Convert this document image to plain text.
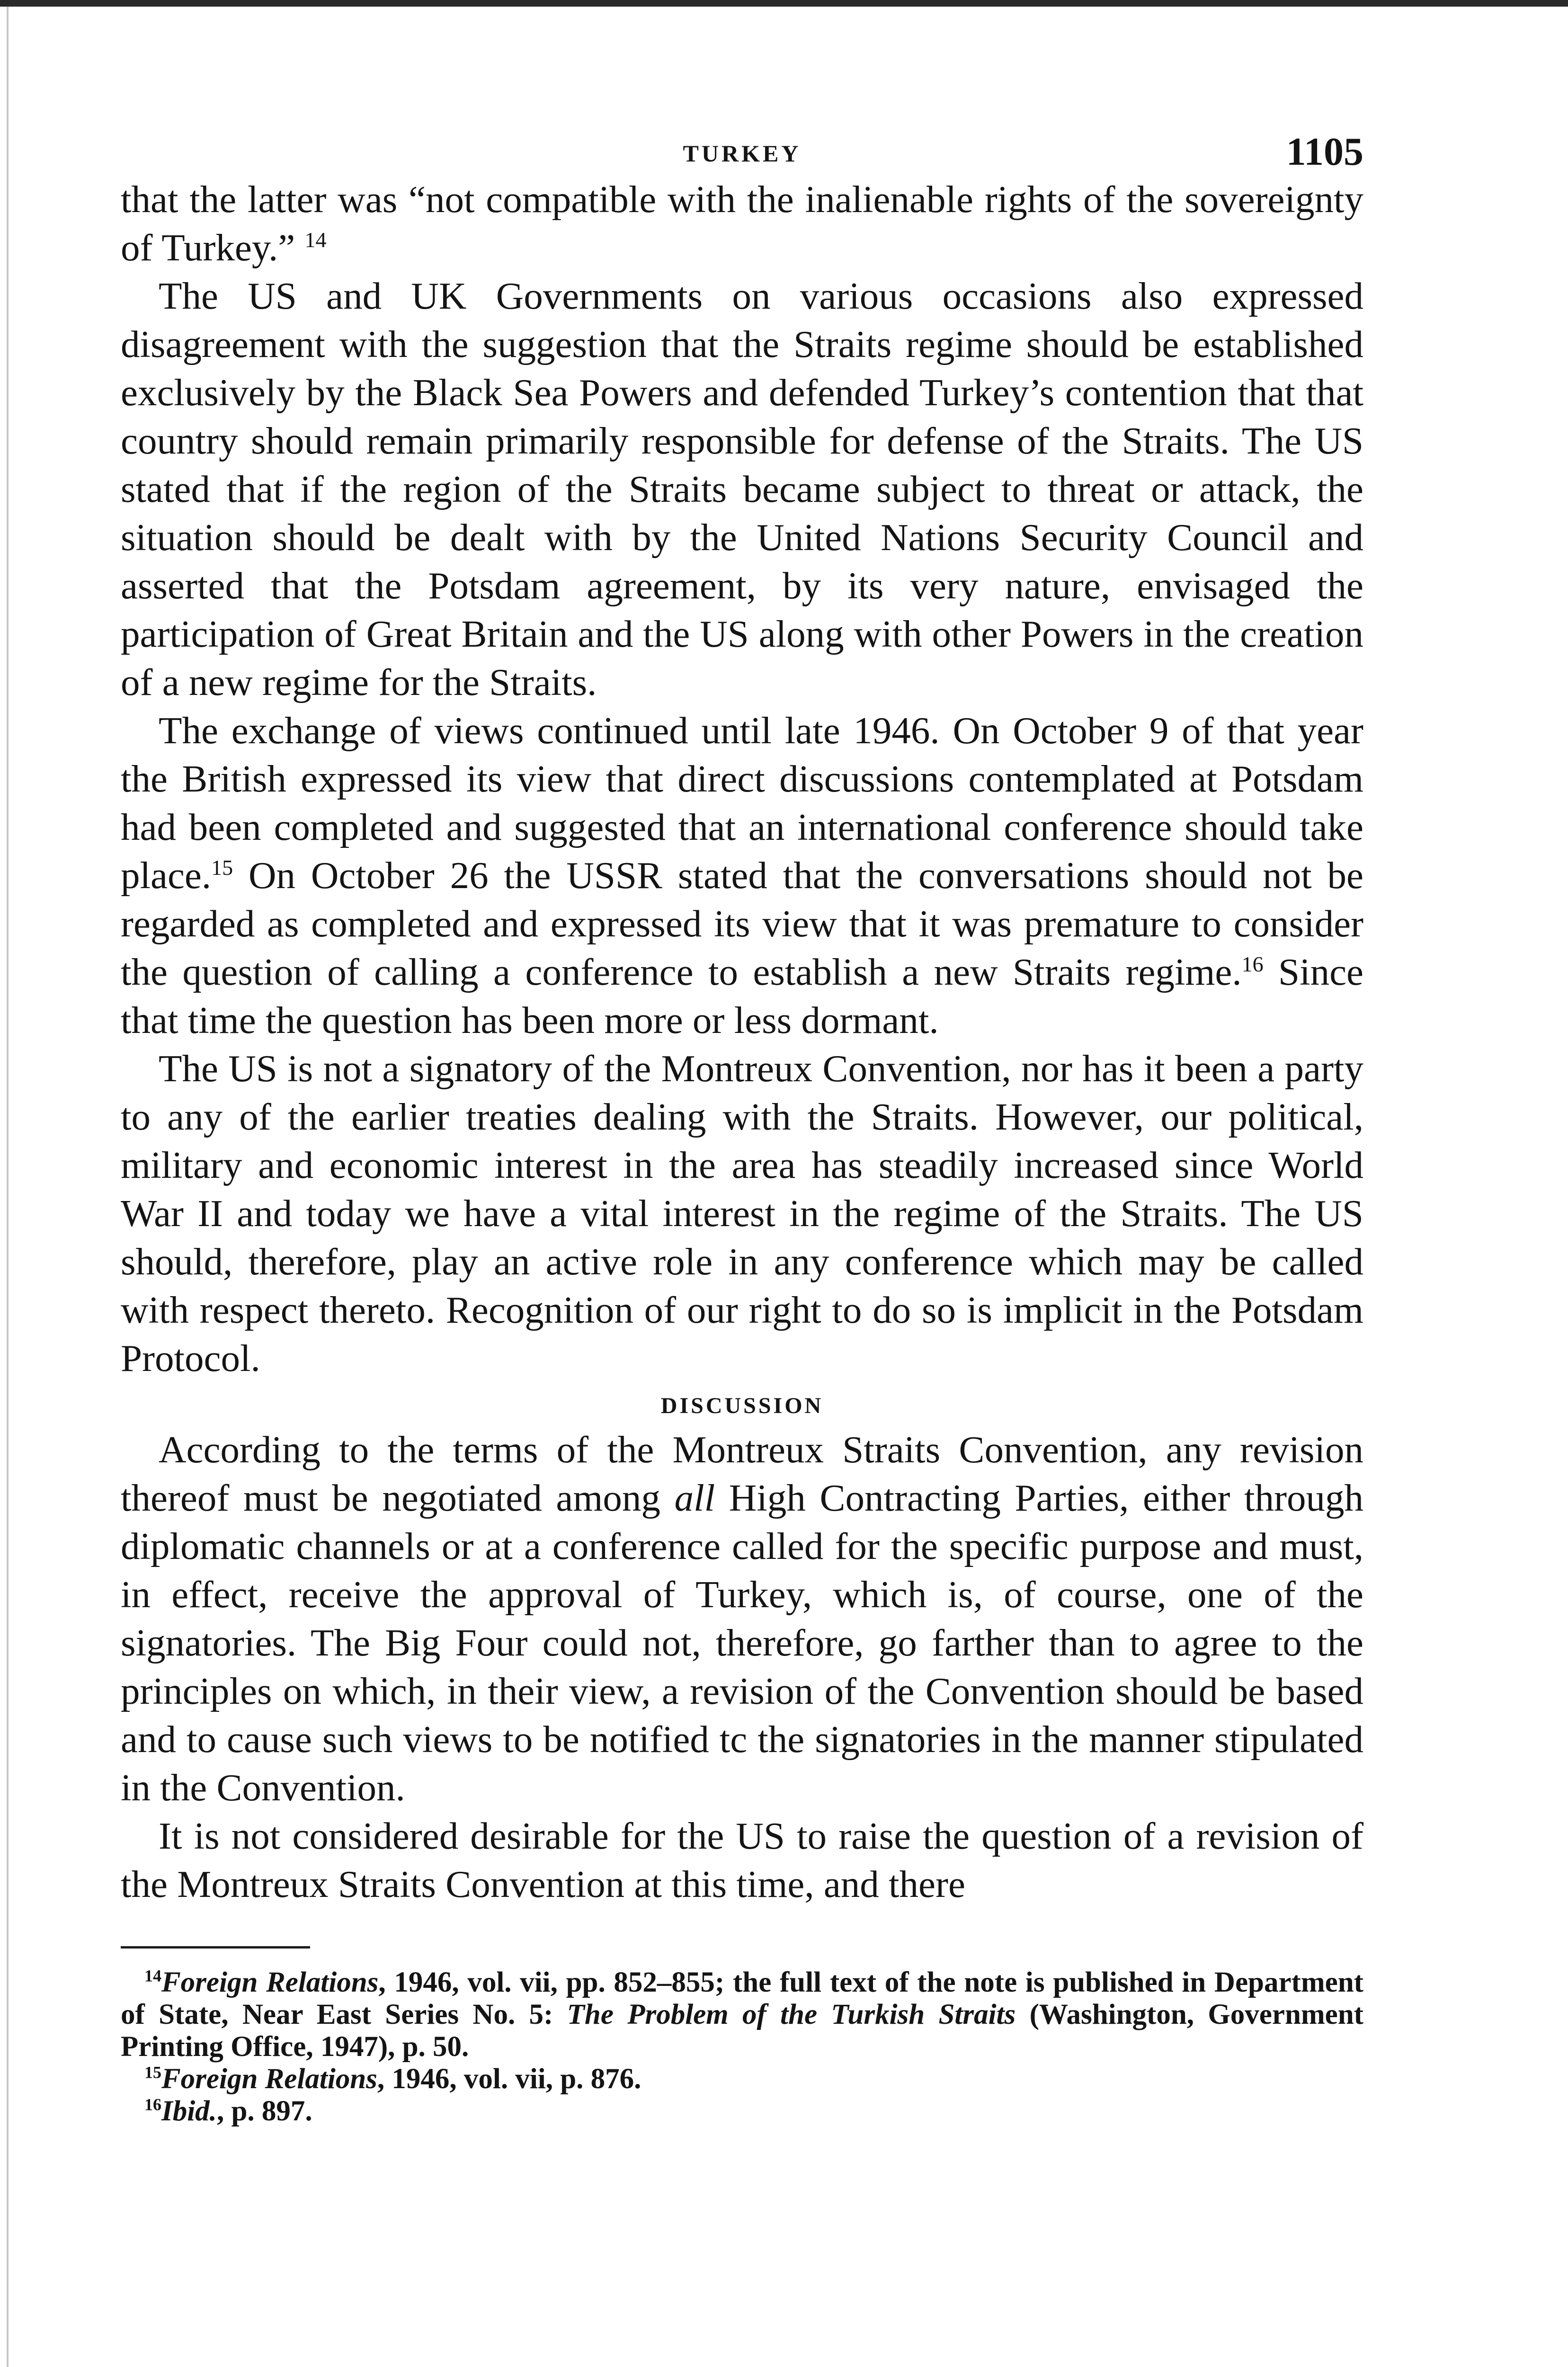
TURKEY	1105

that the latter was “not compatible with the inalienable rights of the sovereignty of Turkey.” $^{14}$

The US and UK Governments on various occasions also expressed disagreement with the suggestion that the Straits regime should be established exclusively by the Black Sea Powers and defended Turkey’s contention that that country should remain primarily responsible for defense of the Straits. The US stated that if the region of the Straits became subject to threat or attack, the situation should be dealt with by the United Nations Security Council and asserted that the Potsdam agreement, by its very nature, envisaged the participation of Great Britain and the US along with other Powers in the creation of a new regime for the Straits.

The exchange of views continued until late 1946. On October 9 of that year the British expressed its view that direct discussions contemplated at Potsdam had been completed and suggested that an international conference should take place.$^{15}$ On October 26 the USSR stated that the conversations should not be regarded as completed and expressed its view that it was premature to consider the question of calling a conference to establish a new Straits regime.$^{16}$ Since that time the question has been more or less dormant.

The US is not a signatory of the Montreux Convention, nor has it been a party to any of the earlier treaties dealing with the Straits. However, our political, military and economic interest in the area has steadily increased since World War II and today we have a vital interest in the regime of the Straits. The US should, therefore, play an active role in any conference which may be called with respect thereto. Recognition of our right to do so is implicit in the Potsdam Protocol.

DISCUSSION

According to the terms of the Montreux Straits Convention, any revision thereof must be negotiated among all High Contracting Parties, either through diplomatic channels or at a conference called for the specific purpose and must, in effect, receive the approval of Turkey, which is, of course, one of the signatories. The Big Four could not, therefore, go farther than to agree to the principles on which, in their view, a revision of the Convention should be based and to cause such views to be notified tc the signatories in the manner stipulated in the Convention.

It is not considered desirable for the US to raise the question of a revision of the Montreux Straits Convention at this time, and there

$^{14}$Foreign Relations, 1946, vol. vii, pp. 852–855; the full text of the note is published in Department of State, Near East Series No. 5: The Problem of the Turkish Straits (Washington, Government Printing Office, 1947), p. 50.

$^{15}$Foreign Relations, 1946, vol. vii, p. 876.

$^{16}$Ibid., p. 897.
